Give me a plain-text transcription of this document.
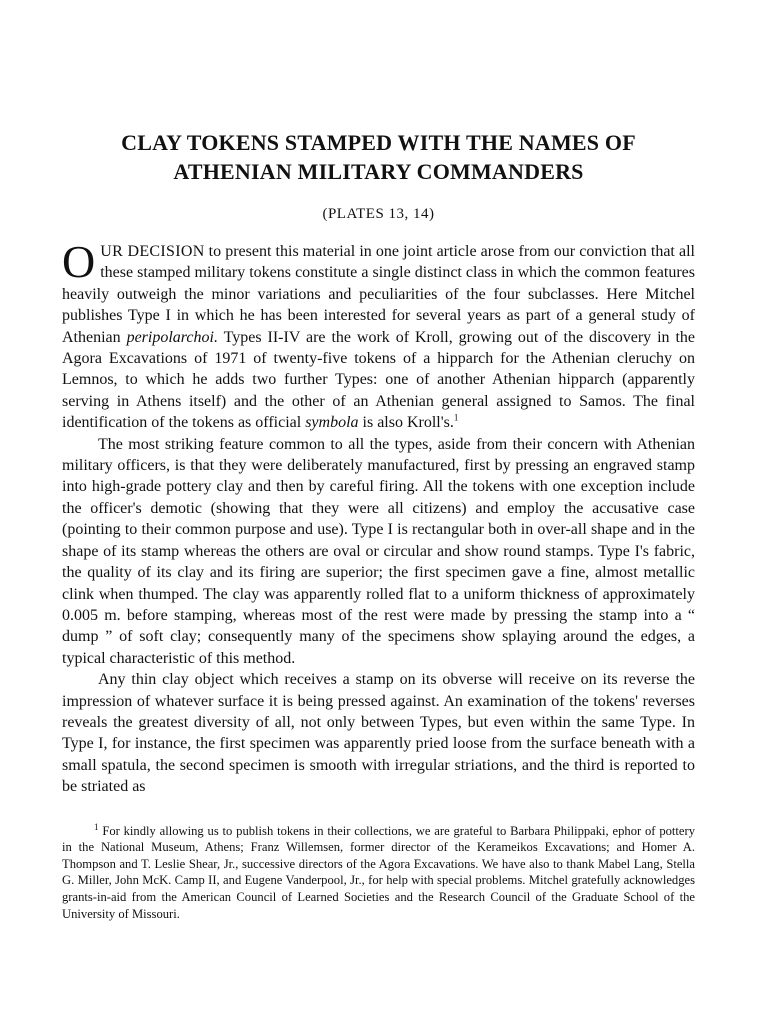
CLAY TOKENS STAMPED WITH THE NAMES OF
ATHENIAN MILITARY COMMANDERS
(PLATES 13, 14)

OUR DECISION to present this material in one joint article arose from our conviction that all these stamped military tokens constitute a single distinct class in which the common features heavily outweigh the minor variations and peculiarities of the four subclasses. Here Mitchel publishes Type I in which he has been interested for several years as part of a general study of Athenian peripolarchoi. Types II-IV are the work of Kroll, growing out of the discovery in the Agora Excavations of 1971 of twenty-five tokens of a hipparch for the Athenian cleruchy on Lemnos, to which he adds two further Types: one of another Athenian hipparch (apparently serving in Athens itself) and the other of an Athenian general assigned to Samos. The final identification of the tokens as official symbola is also Kroll's.$^1$

The most striking feature common to all the types, aside from their concern with Athenian military officers, is that they were deliberately manufactured, first by pressing an engraved stamp into high-grade pottery clay and then by careful firing. All the tokens with one exception include the officer's demotic (showing that they were all citizens) and employ the accusative case (pointing to their common purpose and use). Type I is rectangular both in over-all shape and in the shape of its stamp whereas the others are oval or circular and show round stamps. Type I's fabric, the quality of its clay and its firing are superior; the first specimen gave a fine, almost metallic clink when thumped. The clay was apparently rolled flat to a uniform thickness of approximately 0.005 m. before stamping, whereas most of the rest were made by pressing the stamp into a “ dump ” of soft clay; consequently many of the specimens show splaying around the edges, a typical characteristic of this method.

Any thin clay object which receives a stamp on its obverse will receive on its reverse the impression of whatever surface it is being pressed against. An examination of the tokens' reverses reveals the greatest diversity of all, not only between Types, but even within the same Type. In Type I, for instance, the first specimen was apparently pried loose from the surface beneath with a small spatula, the second specimen is smooth with irregular striations, and the third is reported to be striated as

$^1$ For kindly allowing us to publish tokens in their collections, we are grateful to Barbara Philippaki, ephor of pottery in the National Museum, Athens; Franz Willemsen, former director of the Kerameikos Excavations; and Homer A. Thompson and T. Leslie Shear, Jr., successive directors of the Agora Excavations. We have also to thank Mabel Lang, Stella G. Miller, John McK. Camp II, and Eugene Vanderpool, Jr., for help with special problems. Mitchel gratefully acknowledges grants-in-aid from the American Council of Learned Societies and the Research Council of the Graduate School of the University of Missouri.
